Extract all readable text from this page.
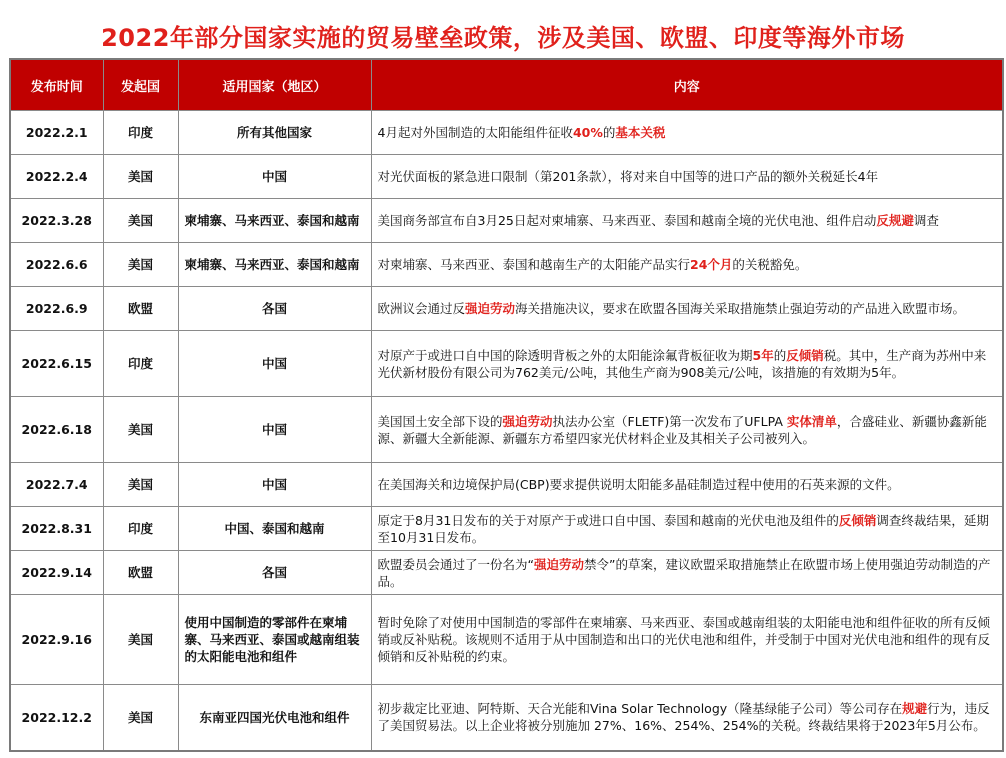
2022年部分国家实施的贸易壁垒政策，涉及美国、欧盟、印度等海外市场
发布时间	发起国	适用国家（地区）	内容
2022.2.1	印度	所有其他国家	4月起对外国制造的太阳能组件征收40%的基本关税
2022.2.4	美国	中国	对光伏面板的紧急进口限制（第201条款），将对来自中国等的进口产品的额外关税延长4年
2022.3.28	美国	柬埔寨、马来西亚、泰国和越南	美国商务部宣布自3月25日起对柬埔寨、马来西亚、泰国和越南全境的光伏电池、组件启动反规避调查
2022.6.6	美国	柬埔寨、马来西亚、泰国和越南	对柬埔寨、马来西亚、泰国和越南生产的太阳能产品实行24个月的关税豁免。
2022.6.9	欧盟	各国	欧洲议会通过反强迫劳动海关措施决议，要求在欧盟各国海关采取措施禁止强迫劳动的产品进入欧盟市场。
2022.6.15	印度	中国	对原产于或进口自中国的除透明背板之外的太阳能涂氟背板征收为期5年的反倾销税。其中，生产商为苏州中来光伏新材股份有限公司为762美元/公吨，其他生产商为908美元/公吨，该措施的有效期为5年。
2022.6.18	美国	中国	美国国土安全部下设的强迫劳动执法办公室（FLETF)第一次发布了UFLPA 实体清单，合盛硅业、新疆协鑫新能源、新疆大全新能源、新疆东方希望四家光伏材料企业及其相关子公司被列入。
2022.7.4	美国	中国	在美国海关和边境保护局(CBP)要求提供说明太阳能多晶硅制造过程中使用的石英来源的文件。
2022.8.31	印度	中国、泰国和越南	原定于8月31日发布的关于对原产于或进口自中国、泰国和越南的光伏电池及组件的反倾销调查终裁结果，延期至10月31日发布。
2022.9.14	欧盟	各国	欧盟委员会通过了一份名为“强迫劳动禁令”的草案，建议欧盟采取措施禁止在欧盟市场上使用强迫劳动制造的产品。
2022.9.16	美国	使用中国制造的零部件在柬埔寨、马来西亚、泰国或越南组装的太阳能电池和组件	暂时免除了对使用中国制造的零部件在柬埔寨、马来西亚、泰国或越南组装的太阳能电池和组件征收的所有反倾销或反补贴税。该规则不适用于从中国制造和出口的光伏电池和组件，并受制于中国对光伏电池和组件的现有反倾销和反补贴税的约束。
2022.12.2	美国	东南亚四国光伏电池和组件	初步裁定比亚迪、阿特斯、天合光能和Vina Solar Technology（隆基绿能子公司）等公司存在规避行为，违反了美国贸易法。以上企业将被分别施加 27%、16%、254%、254%的关税。终裁结果将于2023年5月公布。
